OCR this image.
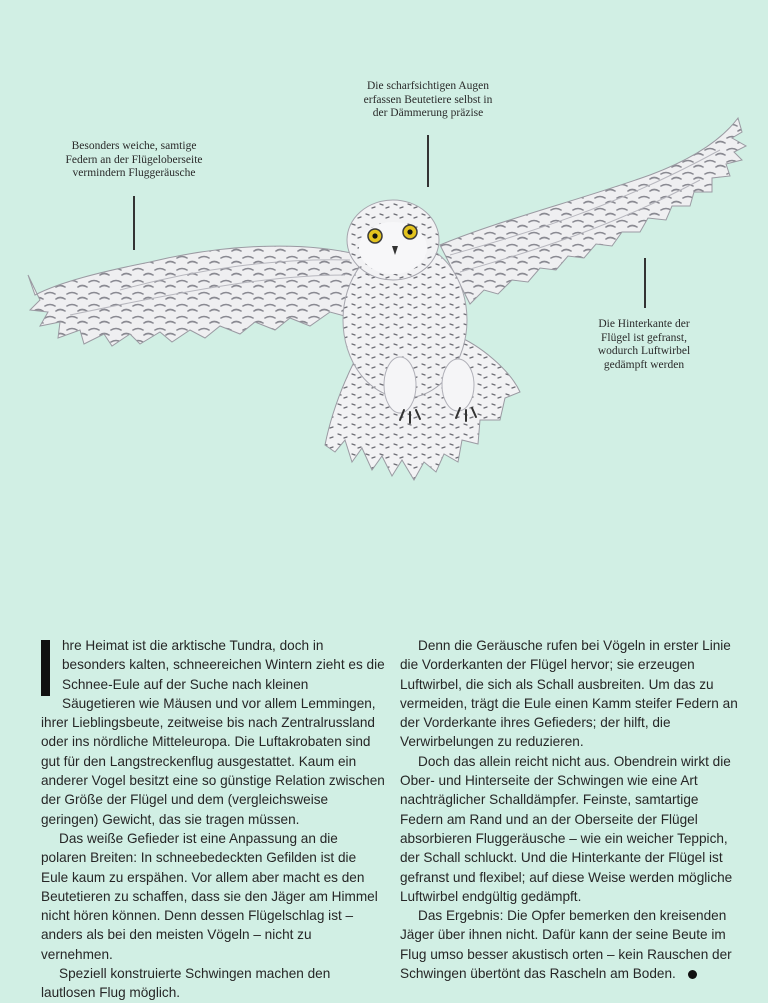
Die scharfsichtigen Augen erfassen Beutetiere selbst in der Dämmerung präzise
Besonders weiche, samtige Federn an der Flügeloberseite vermindern Fluggeräusche
Die Hinterkante der Flügel ist gefranst, wodurch Luftwirbel gedämpft werden

hre Heimat ist die arktische Tundra, doch in besonders kalten, schneereichen Wintern zieht es die Schnee-Eule auf der Suche nach kleinen Säugetieren wie Mäusen und vor allem Lemmingen, ihrer Lieblingsbeute, zeitweise bis nach Zentralrussland oder ins nördliche Mitteleuropa. Die Luftakrobaten sind gut für den Langstreckenflug ausgestattet. Kaum ein anderer Vogel besitzt eine so günstige Relation zwischen der Größe der Flügel und dem (vergleichsweise geringen) Gewicht, das sie tragen müssen.

Das weiße Gefieder ist eine Anpassung an die polaren Breiten: In schneebedeckten Gefilden ist die Eule kaum zu erspähen. Vor allem aber macht es den Beutetieren zu schaffen, dass sie den Jäger am Himmel nicht hören können. Denn dessen Flügelschlag ist – anders als bei den meisten Vögeln – nicht zu vernehmen.

Speziell konstruierte Schwingen machen den lautlosen Flug möglich.

Denn die Geräusche rufen bei Vögeln in erster Linie die Vorderkanten der Flügel hervor; sie erzeugen Luftwirbel, die sich als Schall ausbreiten. Um das zu vermeiden, trägt die Eule einen Kamm steifer Federn an der Vorderkante ihres Gefieders; der hilft, die Verwirbelungen zu reduzieren.

Doch das allein reicht nicht aus. Obendrein wirkt die Ober- und Hinterseite der Schwingen wie eine Art nachträglicher Schalldämpfer. Feinste, samtartige Federn am Rand und an der Oberseite der Flügel absorbieren Fluggeräusche – wie ein weicher Teppich, der Schall schluckt. Und die Hinterkante der Flügel ist gefranst und flexibel; auf diese Weise werden mögliche Luftwirbel endgültig gedämpft.

Das Ergebnis: Die Opfer bemerken den kreisenden Jäger über ihnen nicht. Dafür kann der seine Beute im Flug umso besser akustisch orten – kein Rauschen der Schwingen übertönt das Rascheln am Boden.
